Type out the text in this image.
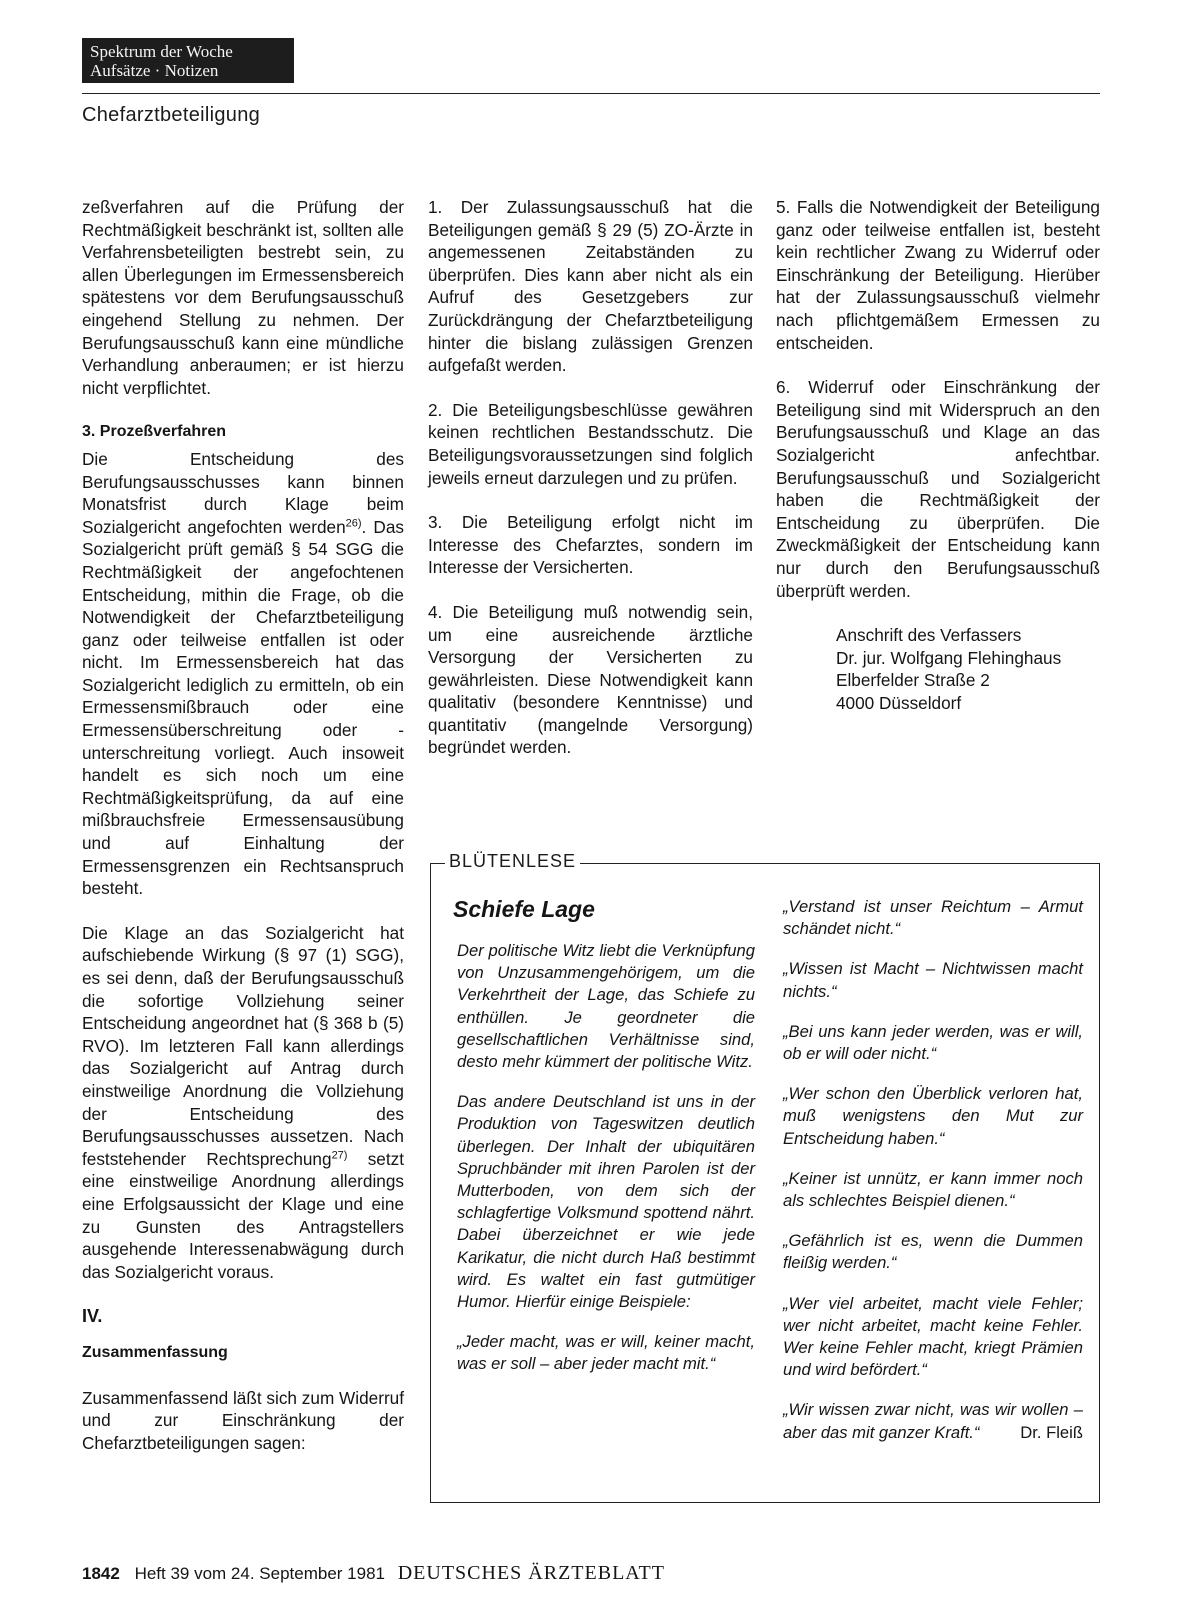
Spektrum der Woche
Aufsätze · Notizen
Chefarztbeteiligung

zeßverfahren auf die Prüfung der Rechtmäßigkeit beschränkt ist, sollten alle Verfahrensbeteiligten bestrebt sein, zu allen Überlegungen im Ermessensbereich spätestens vor dem Berufungsausschuß eingehend Stellung zu nehmen. Der Berufungsausschuß kann eine mündliche Verhandlung anberaumen; er ist hierzu nicht verpflichtet.

3. Prozeßverfahren

Die Entscheidung des Berufungsausschusses kann binnen Monatsfrist durch Klage beim Sozialgericht angefochten werden$^{26)}$. Das Sozialgericht prüft gemäß § 54 SGG die Rechtmäßigkeit der angefochtenen Entscheidung, mithin die Frage, ob die Notwendigkeit der Chefarztbeteiligung ganz oder teilweise entfallen ist oder nicht. Im Ermessensbereich hat das Sozialgericht lediglich zu ermitteln, ob ein Ermessensmißbrauch oder eine Ermessensüberschreitung oder -unterschreitung vorliegt. Auch insoweit handelt es sich noch um eine Rechtmäßigkeitsprüfung, da auf eine mißbrauchsfreie Ermessensausübung und auf Einhaltung der Ermessensgrenzen ein Rechtsanspruch besteht.

Die Klage an das Sozialgericht hat aufschiebende Wirkung (§ 97 (1) SGG), es sei denn, daß der Berufungsausschuß die sofortige Vollziehung seiner Entscheidung angeordnet hat (§ 368 b (5) RVO). Im letzteren Fall kann allerdings das Sozialgericht auf Antrag durch einstweilige Anordnung die Vollziehung der Entscheidung des Berufungsausschusses aussetzen. Nach feststehender Rechtsprechung$^{27)}$ setzt eine einstweilige Anordnung allerdings eine Erfolgsaussicht der Klage und eine zu Gunsten des Antragstellers ausgehende Interessenabwägung durch das Sozialgericht voraus.

IV.
Zusammenfassung

Zusammenfassend läßt sich zum Widerruf und zur Einschränkung der Chefarztbeteiligungen sagen:

1. Der Zulassungsausschuß hat die Beteiligungen gemäß § 29 (5) ZO-Ärzte in angemessenen Zeitabständen zu überprüfen. Dies kann aber nicht als ein Aufruf des Gesetzgebers zur Zurückdrängung der Chefarztbeteiligung hinter die bislang zulässigen Grenzen aufgefaßt werden.

2. Die Beteiligungsbeschlüsse gewähren keinen rechtlichen Bestandsschutz. Die Beteiligungsvoraussetzungen sind folglich jeweils erneut darzulegen und zu prüfen.

3. Die Beteiligung erfolgt nicht im Interesse des Chefarztes, sondern im Interesse der Versicherten.

4. Die Beteiligung muß notwendig sein, um eine ausreichende ärztliche Versorgung der Versicherten zu gewährleisten. Diese Notwendigkeit kann qualitativ (besondere Kenntnisse) und quantitativ (mangelnde Versorgung) begründet werden.

5. Falls die Notwendigkeit der Beteiligung ganz oder teilweise entfallen ist, besteht kein rechtlicher Zwang zu Widerruf oder Einschränkung der Beteiligung. Hierüber hat der Zulassungsausschuß vielmehr nach pflichtgemäßem Ermessen zu entscheiden.

6. Widerruf oder Einschränkung der Beteiligung sind mit Widerspruch an den Berufungsausschuß und Klage an das Sozialgericht anfechtbar. Berufungsausschuß und Sozialgericht haben die Rechtmäßigkeit der Entscheidung zu überprüfen. Die Zweckmäßigkeit der Entscheidung kann nur durch den Berufungsausschuß überprüft werden.

Anschrift des Verfassers
Dr. jur. Wolfgang Flehinghaus
Elberfelder Straße 2
4000 Düsseldorf
BLÜTENLESE
Schiefe Lage

Der politische Witz liebt die Verknüpfung von Unzusammengehörigem, um die Verkehrtheit der Lage, das Schiefe zu enthüllen. Je geordneter die gesellschaftlichen Verhältnisse sind, desto mehr kümmert der politische Witz.

Das andere Deutschland ist uns in der Produktion von Tageswitzen deutlich überlegen. Der Inhalt der ubiquitären Spruchbänder mit ihren Parolen ist der Mutterboden, von dem sich der schlagfertige Volksmund spottend nährt. Dabei überzeichnet er wie jede Karikatur, die nicht durch Haß bestimmt wird. Es waltet ein fast gutmütiger Humor. Hierfür einige Beispiele:

„Jeder macht, was er will, keiner macht, was er soll – aber jeder macht mit.“

„Verstand ist unser Reichtum – Armut schändet nicht.“

„Wissen ist Macht – Nichtwissen macht nichts.“

„Bei uns kann jeder werden, was er will, ob er will oder nicht.“

„Wer schon den Überblick verloren hat, muß wenigstens den Mut zur Entscheidung haben.“

„Keiner ist unnütz, er kann immer noch als schlechtes Beispiel dienen.“

„Gefährlich ist es, wenn die Dummen fleißig werden.“

„Wer viel arbeitet, macht viele Fehler; wer nicht arbeitet, macht keine Fehler. Wer keine Fehler macht, kriegt Prämien und wird befördert.“

„Wir wissen zwar nicht, was wir wollen – aber das mit ganzer Kraft.“ Dr. Fleiß

1842 Heft 39 vom 24. September 1981 DEUTSCHES ÄRZTEBLATT
